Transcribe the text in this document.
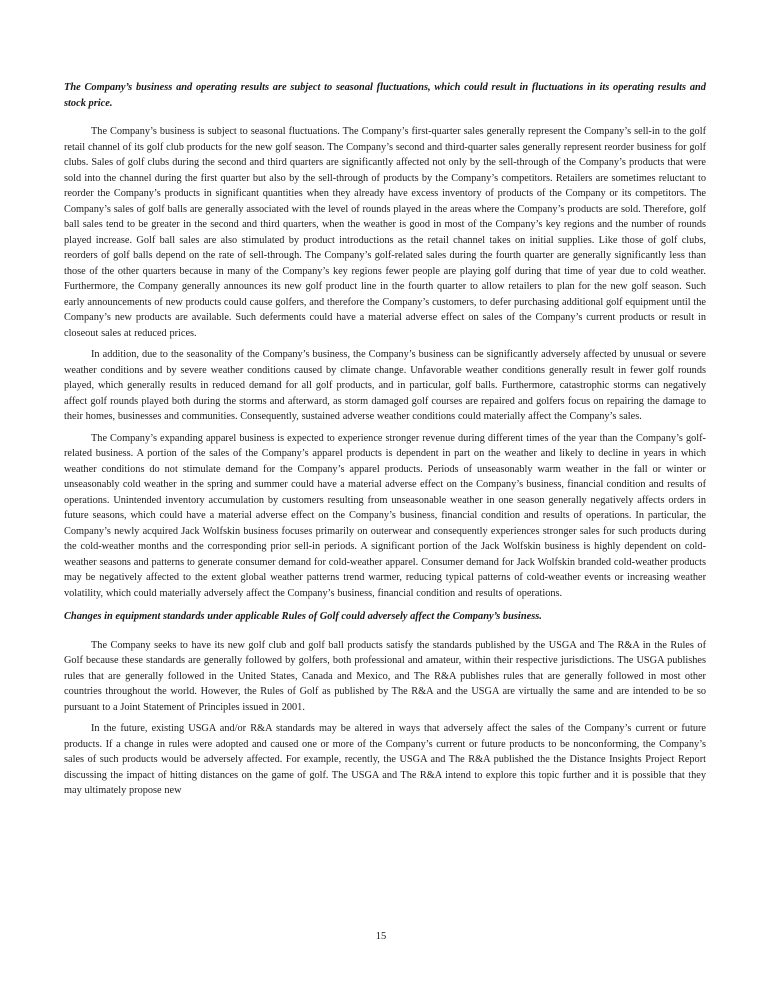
The Company’s business and operating results are subject to seasonal fluctuations, which could result in fluctuations in its operating results and stock price.

The Company’s business is subject to seasonal fluctuations. The Company’s first-quarter sales generally represent the Company’s sell-in to the golf retail channel of its golf club products for the new golf season. The Company’s second and third-quarter sales generally represent reorder business for golf clubs. Sales of golf clubs during the second and third quarters are significantly affected not only by the sell-through of the Company’s products that were sold into the channel during the first quarter but also by the sell-through of products by the Company’s competitors. Retailers are sometimes reluctant to reorder the Company’s products in significant quantities when they already have excess inventory of products of the Company or its competitors. The Company’s sales of golf balls are generally associated with the level of rounds played in the areas where the Company’s products are sold. Therefore, golf ball sales tend to be greater in the second and third quarters, when the weather is good in most of the Company’s key regions and the number of rounds played increase. Golf ball sales are also stimulated by product introductions as the retail channel takes on initial supplies. Like those of golf clubs, reorders of golf balls depend on the rate of sell-through. The Company’s golf-related sales during the fourth quarter are generally significantly less than those of the other quarters because in many of the Company’s key regions fewer people are playing golf during that time of year due to cold weather. Furthermore, the Company generally announces its new golf product line in the fourth quarter to allow retailers to plan for the new golf season. Such early announcements of new products could cause golfers, and therefore the Company’s customers, to defer purchasing additional golf equipment until the Company’s new products are available. Such deferments could have a material adverse effect on sales of the Company’s current products or result in closeout sales at reduced prices.

In addition, due to the seasonality of the Company’s business, the Company’s business can be significantly adversely affected by unusual or severe weather conditions and by severe weather conditions caused by climate change. Unfavorable weather conditions generally result in fewer golf rounds played, which generally results in reduced demand for all golf products, and in particular, golf balls. Furthermore, catastrophic storms can negatively affect golf rounds played both during the storms and afterward, as storm damaged golf courses are repaired and golfers focus on repairing the damage to their homes, businesses and communities. Consequently, sustained adverse weather conditions could materially affect the Company’s sales.

The Company’s expanding apparel business is expected to experience stronger revenue during different times of the year than the Company’s golf-related business. A portion of the sales of the Company’s apparel products is dependent in part on the weather and likely to decline in years in which weather conditions do not stimulate demand for the Company’s apparel products. Periods of unseasonably warm weather in the fall or winter or unseasonably cold weather in the spring and summer could have a material adverse effect on the Company’s business, financial condition and results of operations. Unintended inventory accumulation by customers resulting from unseasonable weather in one season generally negatively affects orders in future seasons, which could have a material adverse effect on the Company’s business, financial condition and results of operations. In particular, the Company’s newly acquired Jack Wolfskin business focuses primarily on outerwear and consequently experiences stronger sales for such products during the cold-weather months and the corresponding prior sell-in periods. A significant portion of the Jack Wolfskin business is highly dependent on cold-weather seasons and patterns to generate consumer demand for cold-weather apparel. Consumer demand for Jack Wolfskin branded cold-weather products may be negatively affected to the extent global weather patterns trend warmer, reducing typical patterns of cold-weather events or increasing weather volatility, which could materially adversely affect the Company’s business, financial condition and results of operations.

Changes in equipment standards under applicable Rules of Golf could adversely affect the Company’s business.

The Company seeks to have its new golf club and golf ball products satisfy the standards published by the USGA and The R&A in the Rules of Golf because these standards are generally followed by golfers, both professional and amateur, within their respective jurisdictions. The USGA publishes rules that are generally followed in the United States, Canada and Mexico, and The R&A publishes rules that are generally followed in most other countries throughout the world. However, the Rules of Golf as published by The R&A and the USGA are virtually the same and are intended to be so pursuant to a Joint Statement of Principles issued in 2001.

In the future, existing USGA and/or R&A standards may be altered in ways that adversely affect the sales of the Company’s current or future products. If a change in rules were adopted and caused one or more of the Company’s current or future products to be nonconforming, the Company’s sales of such products would be adversely affected. For example, recently, the USGA and The R&A published the the Distance Insights Project Report discussing the impact of hitting distances on the game of golf. The USGA and The R&A intend to explore this topic further and it is possible that they may ultimately propose new

15
